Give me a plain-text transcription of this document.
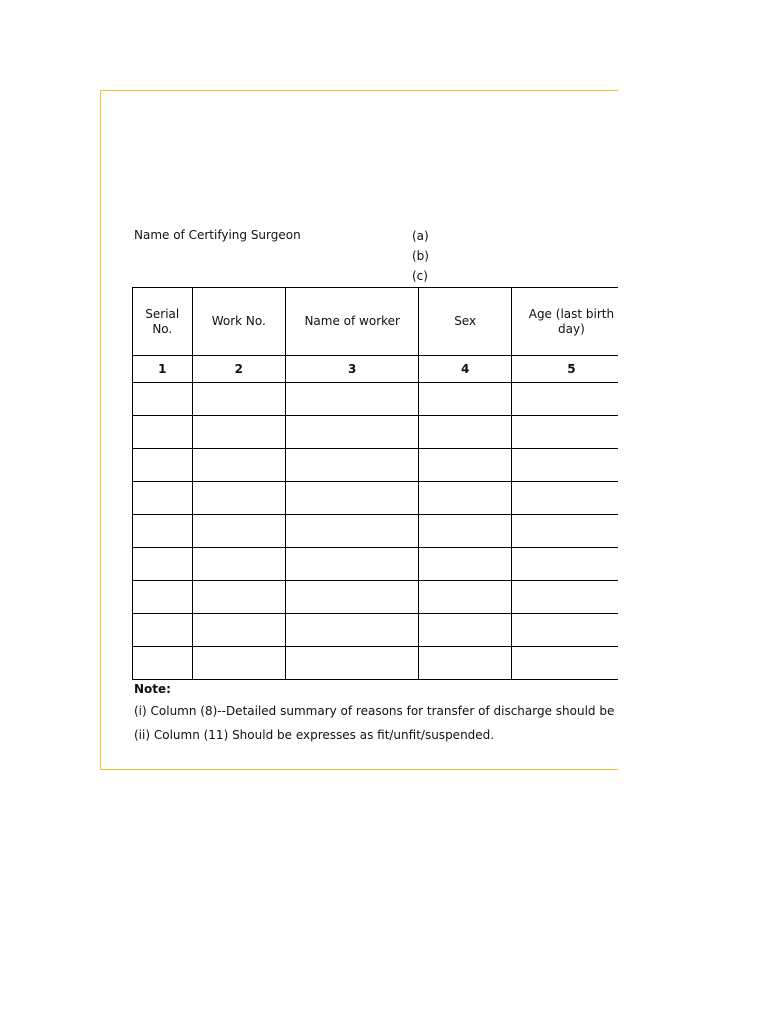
Name of Certifying Surgeon	(a)
(b)
(c)
Serial No.	Work No.	Name of worker	Sex	Age (last birth day)
1	2	3	4	5

Note:
(i) Column (8)--Detailed summary of reasons for transfer of discharge should be
(ii) Column (11) Should be expresses as fit/unfit/suspended.
